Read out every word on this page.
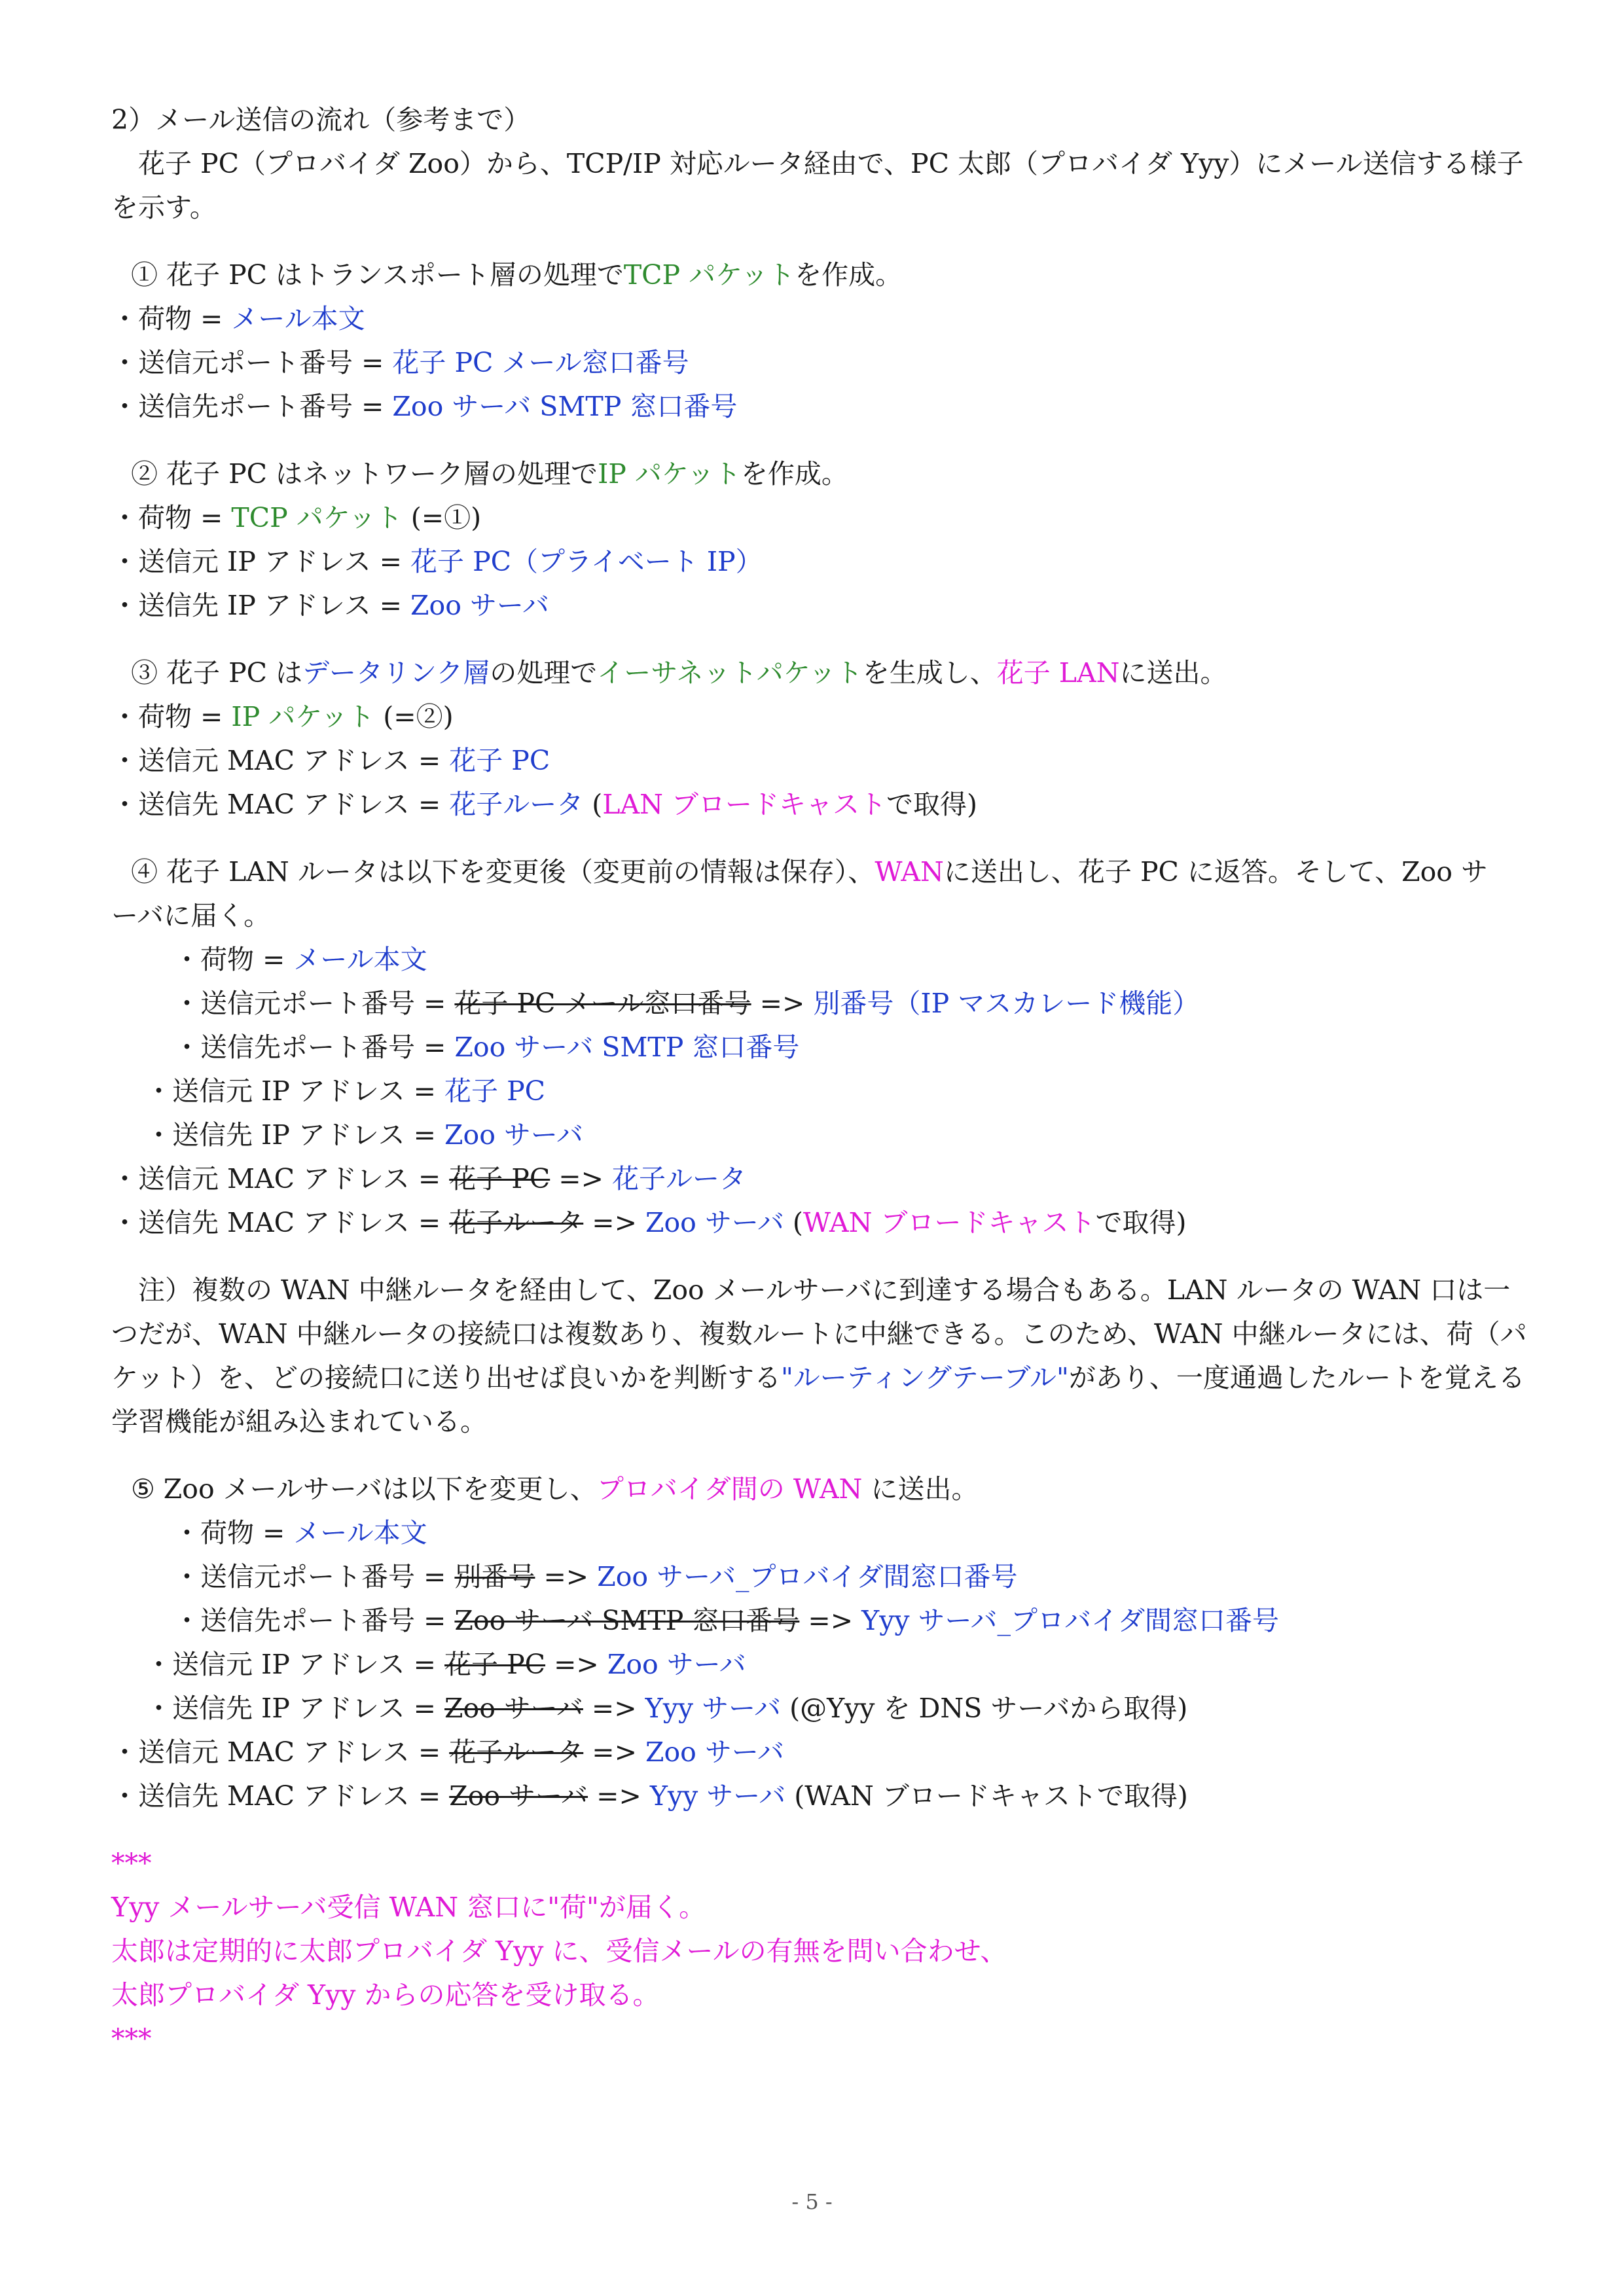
2）メール送信の流れ（参考まで）
　花子 PC（プロバイダ Zoo）から、TCP/IP 対応ルータ経由で、PC 太郎（プロバイダ Yyy）にメール送信する様子を示す。
① 花子 PC はトランスポート層の処理でTCP パケットを作成。
・荷物 = メール本文
・送信元ポート番号 = 花子 PC メール窓口番号
・送信先ポート番号 = Zoo サーバ SMTP 窓口番号
② 花子 PC はネットワーク層の処理でIP パケットを作成。
・荷物 = TCP パケット (=①)
・送信元 IP アドレス = 花子 PC（プライベート IP）
・送信先 IP アドレス = Zoo サーバ
③ 花子 PC はデータリンク層の処理でイーサネットパケットを生成し、花子 LANに送出。
・荷物 = IP パケット (=②)
・送信元 MAC アドレス = 花子 PC
・送信先 MAC アドレス = 花子ルータ (LAN ブロードキャストで取得)
④ 花子 LAN ルータは以下を変更後（変更前の情報は保存）、WANに送出し、花子 PC に返答。そして、Zoo サ
ーバに届く。
・荷物 = メール本文
・送信元ポート番号 = 花子 PC メール窓口番号 => 別番号（IP マスカレード機能）
・送信先ポート番号 = Zoo サーバ SMTP 窓口番号
・送信元 IP アドレス = 花子 PC
・送信先 IP アドレス = Zoo サーバ
・送信元 MAC アドレス = 花子 PC => 花子ルータ
・送信先 MAC アドレス = 花子ルータ => Zoo サーバ (WAN ブロードキャストで取得)
　注）複数の WAN 中継ルータを経由して、Zoo メールサーバに到達する場合もある。LAN ルータの WAN 口は一つだが、WAN 中継ルータの接続口は複数あり、複数ルートに中継できる。このため、WAN 中継ルータには、荷（パケット）を、どの接続口に送り出せば良いかを判断する"ルーティングテーブル"があり、一度通過したルートを覚える学習機能が組み込まれている。
⑤ Zoo メールサーバは以下を変更し、プロバイダ間の WAN に送出。
・荷物 = メール本文
・送信元ポート番号 = 別番号 => Zoo サーバ_プロバイダ間窓口番号
・送信先ポート番号 = Zoo サーバ SMTP 窓口番号 => Yyy サーバ_プロバイダ間窓口番号
・送信元 IP アドレス = 花子 PC => Zoo サーバ
・送信先 IP アドレス = Zoo サーバ => Yyy サーバ (@Yyy を DNS サーバから取得)
・送信元 MAC アドレス = 花子ルータ => Zoo サーバ
・送信先 MAC アドレス = Zoo サーバ => Yyy サーバ (WAN ブロードキャストで取得)
***
Yyy メールサーバ受信 WAN 窓口に"荷"が届く。
太郎は定期的に太郎プロバイダ Yyy に、受信メールの有無を問い合わせ、
太郎プロバイダ Yyy からの応答を受け取る。
***
- 5 -
